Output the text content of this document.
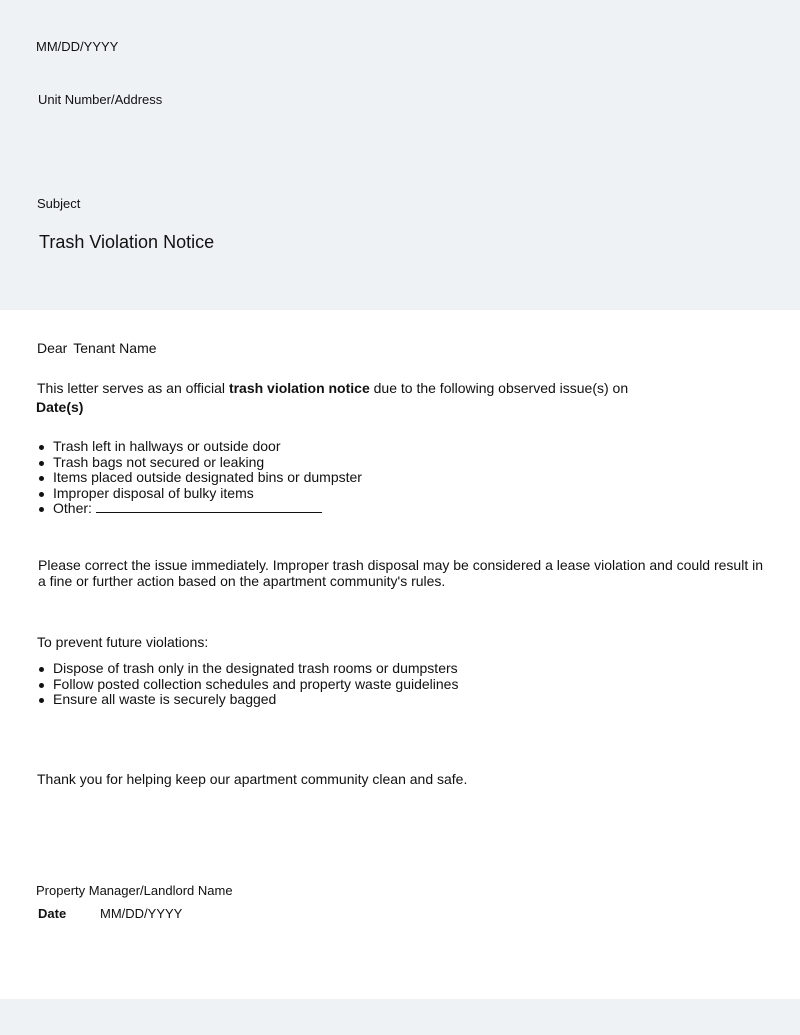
MM/DD/YYYY
Unit Number/Address
Subject
Trash Violation Notice
Dear Tenant Name
This letter serves as an official trash violation notice due to the following observed issue(s) on
Date(s)
Trash left in hallways or outside door
Trash bags not secured or leaking
Items placed outside designated bins or dumpster
Improper disposal of bulky items
Other:
Please correct the issue immediately. Improper trash disposal may be considered a lease violation and could result in a fine or further action based on the apartment community's rules.
To prevent future violations:
Dispose of trash only in the designated trash rooms or dumpsters
Follow posted collection schedules and property waste guidelines
Ensure all waste is securely bagged
Thank you for helping keep our apartment community clean and safe.
Property Manager/Landlord Name
Date	MM/DD/YYYY
